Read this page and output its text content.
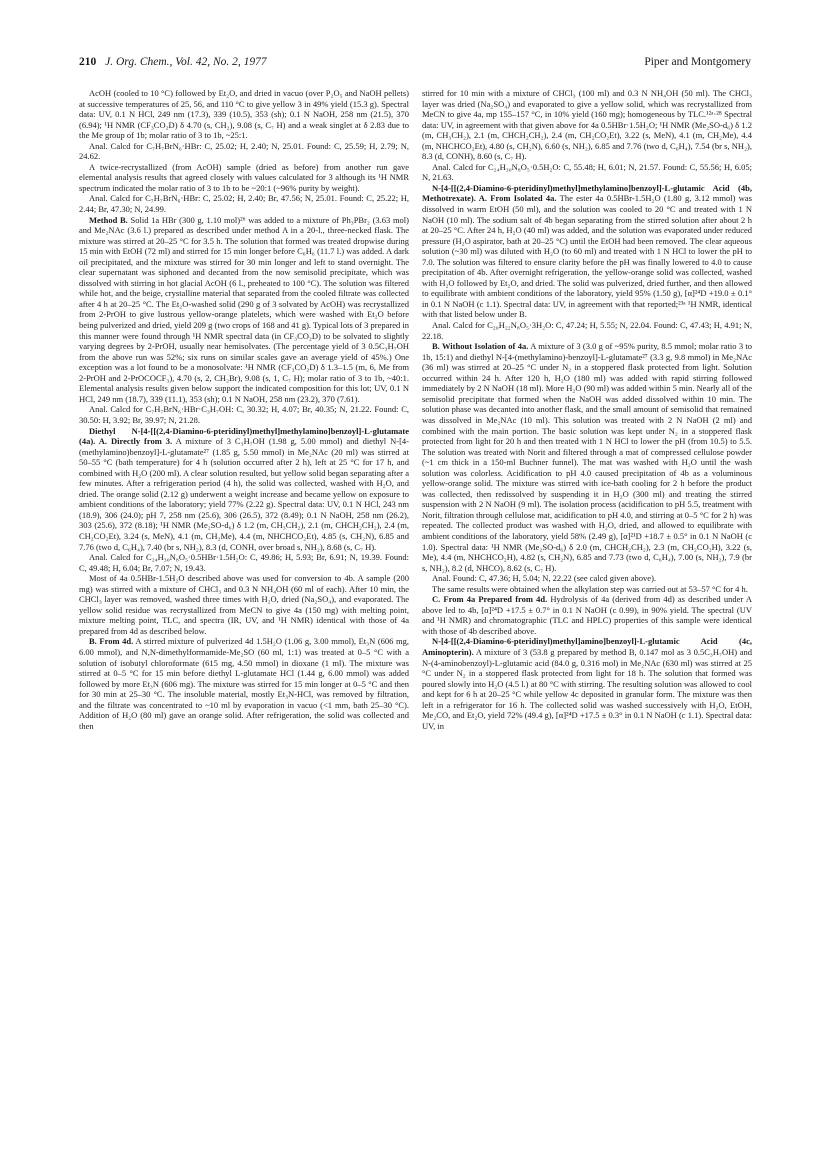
210 J. Org. Chem., Vol. 42, No. 2, 1977	Piper and Montgomery

AcOH (cooled to 10 °C) followed by Et₂O, and dried in vacuo (over P₂O₅ and NaOH pellets) at successive temperatures of 25, 56, and 110 °C to give yellow 3 in 49% yield (15.3 g). Spectral data: UV, 0.1 N HCl, 249 nm (17.3), 339 (10.5), 353 (sh); 0.1 N NaOH, 258 nm (21.5), 370 (6.94); ¹H NMR (CF₃CO₂D) δ 4.70 (s, CH₂), 9.08 (s, C₇ H) and a weak singlet at δ 2.83 due to the Me group of 1b; molar ratio of 3 to 1b, ~25:1.

Anal. Calcd for C₇H₇BrN₆·HBr: C, 25.02; H, 2.40; N, 25.01. Found: C, 25.59; H, 2.79; N, 24.62.

A twice-recrystallized (from AcOH) sample (dried as before) from another run gave elemental analysis results that agreed closely with values calculated for 3 although its ¹H NMR spectrum indicated the molar ratio of 3 to 1b to be ~20:1 (~96% purity by weight).

Anal. Calcd for C₇H₇BrN₆·HBr: C, 25.02; H, 2.40; Br, 47.56; N, 25.01. Found: C, 25.22; H, 2.44; Br, 47.30; N, 24.99.

Method B. Solid 1a HBr (300 g, 1.10 mol)²⁶ was added to a mixture of Ph₃PBr₂ (3.63 mol) and Me₂NAc (3.6 l.) prepared as described under method A in a 20-l., three-necked flask. The mixture was stirred at 20–25 °C for 3.5 h. The solution that formed was treated dropwise during 15 min with EtOH (72 ml) and stirred for 15 min longer before C₆H₆ (11.7 l.) was added. A dark oil precipitated, and the mixture was stirred for 30 min longer and left to stand overnight. The clear supernatant was siphoned and decanted from the now semisolid precipitate, which was dissolved with stirring in hot glacial AcOH (6 l., preheated to 100 °C). The solution was filtered while hot, and the beige, crystalline material that separated from the cooled filtrate was collected after 4 h at 20–25 °C. The Et₂O-washed solid (290 g of 3 solvated by AcOH) was recrystallized from 2-PrOH to give lustrous yellow-orange platelets, which were washed with Et₂O before being pulverized and dried, yield 209 g (two crops of 168 and 41 g). Typical lots of 3 prepared in this manner were found through ¹H NMR spectral data (in CF₃CO₂D) to be solvated to slightly varying degrees by 2-PrOH, usually near hemisolvates. (The percentage yield of 3 0.5C₃H₇OH from the above run was 52%; six runs on similar scales gave an average yield of 45%.) One exception was a lot found to be a monosolvate: ¹H NMR (CF₃CO₂D) δ 1.3–1.5 (m, 6, Me from 2-PrOH and 2-PrOCOCF₃), 4.70 (s, 2, CH₂Br), 9.08 (s, 1, C₇ H); molar ratio of 3 to 1b, ~40:1. Elemental analysis results given below support the indicated composition for this lot; UV, 0.1 N HCl, 249 nm (18.7), 339 (11.1), 353 (sh); 0.1 N NaOH, 258 nm (23.2), 370 (7.61).

Anal. Calcd for C₇H₇BrN₆·HBr·C₃H₇OH: C, 30.32; H, 4.07; Br, 40.35; N, 21.22. Found: C, 30.50: H, 3.92; Br, 39.97; N, 21.28.

Diethyl N-[4-[[(2,4-Diamino-6-pteridinyl)methyl]methylamino]benzoyl]-L-glutamate (4a). A. Directly from 3. A mixture of 3 C₃H₇OH (1.98 g, 5.00 mmol) and diethyl N-[4-(methylamino)benzoyl]-L-glutamate²⁷ (1.85 g, 5.50 mmol) in Me₂NAc (20 ml) was stirred at 50–55 °C (bath temperature) for 4 h (solution occurred after 2 h), left at 25 °C for 17 h, and combined with H₂O (200 ml). A clear solution resulted, but yellow solid began separating after a few minutes. After a refrigeration period (4 h), the solid was collected, washed with H₂O, and dried. The orange solid (2.12 g) underwent a weight increase and became yellow on exposure to ambient conditions of the laboratory; yield 77% (2.22 g). Spectral data: UV, 0.1 N HCl, 243 nm (18.9), 306 (24.0); pH 7, 258 nm (25.6), 306 (26.5), 372 (8.49); 0.1 N NaOH, 258 nm (26.2), 303 (25.6), 372 (8.18); ¹H NMR (Me₂SO-d₆) δ 1.2 (m, CH₃CH₂), 2.1 (m, CHCH₂CH₂), 2.4 (m, CH₂CO₂Et), 3.24 (s, MeN), 4.1 (m, CH₂Me), 4.4 (m, NHCHCO₂Et), 4.85 (s, CH₂N), 6.85 and 7.76 (two d, C₆H₄), 7.40 (br s, NH₂), 8.3 (d, CONH, over broad s, NH₂), 8.68 (s, C₇ H).

Anal. Calcd for C₂₄H₃₀N₈O₅·0.5HBr·1.5H₂O: C, 49.86; H, 5.93; Br, 6.91; N, 19.39. Found: C, 49.48; H, 6.04; Br, 7.07; N, 19.43.

Most of 4a 0.5HBr-1.5H₂O described above was used for conversion to 4b. A sample (200 mg) was stirred with a mixture of CHCl₃ and 0.3 N NH₄OH (60 ml of each). After 10 min, the CHCl₃ layer was removed, washed three times with H₂O, dried (Na₂SO₄), and evaporated. The yellow solid residue was recrystallized from MeCN to give 4a (150 mg) with melting point, mixture melting point, TLC, and spectra (IR, UV, and ¹H NMR) identical with those of 4a prepared from 4d as described below.

B. From 4d. A stirred mixture of pulverized 4d 1.5H₂O (1.06 g, 3.00 mmol), Et₃N (606 mg, 6.00 mmol), and N,N-dimethylformamide-Me₂SO (60 ml, 1:1) was treated at 0–5 °C with a solution of isobutyl chloroformate (615 mg, 4.50 mmol) in dioxane (1 ml). The mixture was stirred at 0–5 °C for 15 min before diethyl L-glutamate HCl (1.44 g, 6.00 mmol) was added followed by more Et₃N (606 mg). The mixture was stirred for 15 min longer at 0–5 °C and then for 30 min at 25–30 °C. The insoluble material, mostly Et₃N-HCl, was removed by filtration, and the filtrate was concentrated to ~10 ml by evaporation in vacuo (<1 mm, bath 25–30 °C). Addition of H₂O (80 ml) gave an orange solid. After refrigeration, the solid was collected and then

stirred for 10 min with a mixture of CHCl₃ (100 ml) and 0.3 N NH₄OH (50 ml). The CHCl₃ layer was dried (Na₂SO₄) and evaporated to give a yellow solid, which was recrystallized from MeCN to give 4a, mp 155–157 °C, in 10% yield (160 mg); homogeneous by TLC.¹²ᵃ·²⁸ Spectral data: UV, in agreement with that given above for 4a 0.5HBr·1.5H₂O; ¹H NMR (Me₂SO-d₆) δ 1.2 (m, CH₃CH₂), 2.1 (m, CHCH₂CH₂), 2.4 (m, CH₂CO₂Et), 3.22 (s, MeN), 4.1 (m, CH₂Me), 4.4 (m, NHCHCO₂Et), 4.80 (s, CH₂N), 6.60 (s, NH₂), 6.85 and 7.76 (two d, C₆H₄), 7.54 (br s, NH₂), 8.3 (d, CONH), 8.60 (s, C₇ H).

Anal. Calcd for C₂₄H₃₀N₈O₅·0.5H₂O: C, 55.48; H, 6.01; N, 21.57. Found: C, 55.56; H, 6.05; N, 21.63.

N-[4-[[(2,4-Diamino-6-pteridinyl)methyl]methylamino]benzoyl]-L-glutamic Acid (4b, Methotrexate). A. From Isolated 4a. The ester 4a 0.5HBr-1.5H₂O (1.80 g, 3.12 mmol) was dissolved in warm EtOH (50 ml), and the solution was cooled to 20 °C and treated with 1 N NaOH (10 ml). The sodium salt of 4b began separating from the stirred solution after about 2 h at 20–25 °C. After 24 h, H₂O (40 ml) was added, and the solution was evaporated under reduced pressure (H₂O aspirator, bath at 20–25 °C) until the EtOH had been removed. The clear aqueous solution (~30 ml) was diluted with H₂O (to 60 ml) and treated with 1 N HCl to lower the pH to 7.0. The solution was filtered to ensure clarity before the pH was finally lowered to 4.0 to cause precipitation of 4b. After overnight refrigeration, the yellow-orange solid was collected, washed with H₂O followed by Et₂O, and dried. The solid was pulverized, dried further, and then allowed to equilibrate with ambient conditions of the laboratory, yield 95% (1.50 g), [α]²⁴D +19.0 ± 0.1° in 0.1 N NaOH (c 1.1). Spectral data: UV, in agreement with that reported;²³ᵃ ¹H NMR, identical with that listed below under B.

Anal. Calcd for C₂₀H₂₂N₈O₅·3H₂O: C, 47.24; H, 5.55; N, 22.04. Found: C, 47.43; H, 4.91; N, 22.18.

B. Without Isolation of 4a. A mixture of 3 (3.0 g of ~95% purity, 8.5 mmol; molar ratio 3 to 1b, 15:1) and diethyl N-[4-(methylamino)-benzoyl]-L-glutamate²⁷ (3.3 g, 9.8 mmol) in Me₂NAc (36 ml) was stirred at 20–25 °C under N₂ in a stoppered flask protected from light. Solution occurred within 24 h. After 120 h, H₂O (180 ml) was added with rapid stirring followed immediately by 2 N NaOH (18 ml). More H₂O (90 ml) was added within 5 min. Nearly all of the semisolid precipitate that formed when the NaOH was added dissolved within 10 min. The solution phase was decanted into another flask, and the small amount of semisolid that remained was dissolved in Me₂NAc (10 ml). This solution was treated with 2 N NaOH (2 ml) and combined with the main portion. The basic solution was kept under N₂ in a stoppered flask protected from light for 20 h and then treated with 1 N HCl to lower the pH (from 10.5) to 5.5. The solution was treated with Norit and filtered through a mat of compressed cellulose powder (~1 cm thick in a 150-ml Buchner funnel). The mat was washed with H₂O until the wash solution was colorless. Acidification to pH 4.0 caused precipitation of 4b as a voluminous yellow-orange solid. The mixture was stirred with ice-bath cooling for 2 h before the product was collected, then redissolved by suspending it in H₂O (300 ml) and treating the stirred suspension with 2 N NaOH (9 ml). The isolation process (acidification to pH 5.5, treatment with Norit, filtration through cellulose mat, acidification to pH 4.0, and stirring at 0–5 °C for 2 h) was repeated. The collected product was washed with H₂O, dried, and allowed to equilibrate with ambient conditions of the laboratory, yield 58% (2.49 g), [α]²¹D +18.7 ± 0.5° in 0.1 N NaOH (c 1.0). Spectral data: ¹H NMR (Me₂SO-d₆) δ 2.0 (m, CHCH₂CH₂), 2.3 (m, CH₂CO₂H), 3.22 (s, Me), 4.4 (m, NHCHCO₂H), 4.82 (s, CH₂N), 6.85 and 7.73 (two d, C₆H₄), 7.00 (s, NH₂), 7.9 (br s, NH₂), 8.2 (d, NHCO), 8.62 (s, C₇ H).

Anal. Found: C, 47.36; H, 5.04; N, 22.22 (see calcd given above).

The same results were obtained when the alkylation step was carried out at 53–57 °C for 4 h.

C. From 4a Prepared from 4d. Hydrolysis of 4a (derived from 4d) as described under A above led to 4b, [α]²⁴D +17.5 ± 0.7° in 0.1 N NaOH (c 0.99), in 90% yield. The spectral (UV and ¹H NMR) and chromatographic (TLC and HPLC) properties of this sample were identical with those of 4b described above.

N-[4-[[(2,4-Diamino-6-pteridinyl)methyl]amino]benzoyl]-L-glutamic Acid (4c, Aminopterin). A mixture of 3 (53.8 g prepared by method B, 0.147 mol as 3 0.5C₃H₇OH) and N-(4-aminobenzoyl)-L-glutamic acid (84.0 g, 0.316 mol) in Me₂NAc (630 ml) was stirred at 25 °C under N₂ in a stoppered flask protected from light for 18 h. The solution that formed was poured slowly into H₂O (4.5 l.) at 80 °C with stirring. The resulting solution was allowed to cool and kept for 6 h at 20–25 °C while yellow 4c deposited in granular form. The mixture was then left in a refrigerator for 16 h. The collected solid was washed successively with H₂O, EtOH, Me₂CO, and Et₂O, yield 72% (49.4 g), [α]²⁴D +17.5 ± 0.3° in 0.1 N NaOH (c 1.1). Spectral data: UV, in
